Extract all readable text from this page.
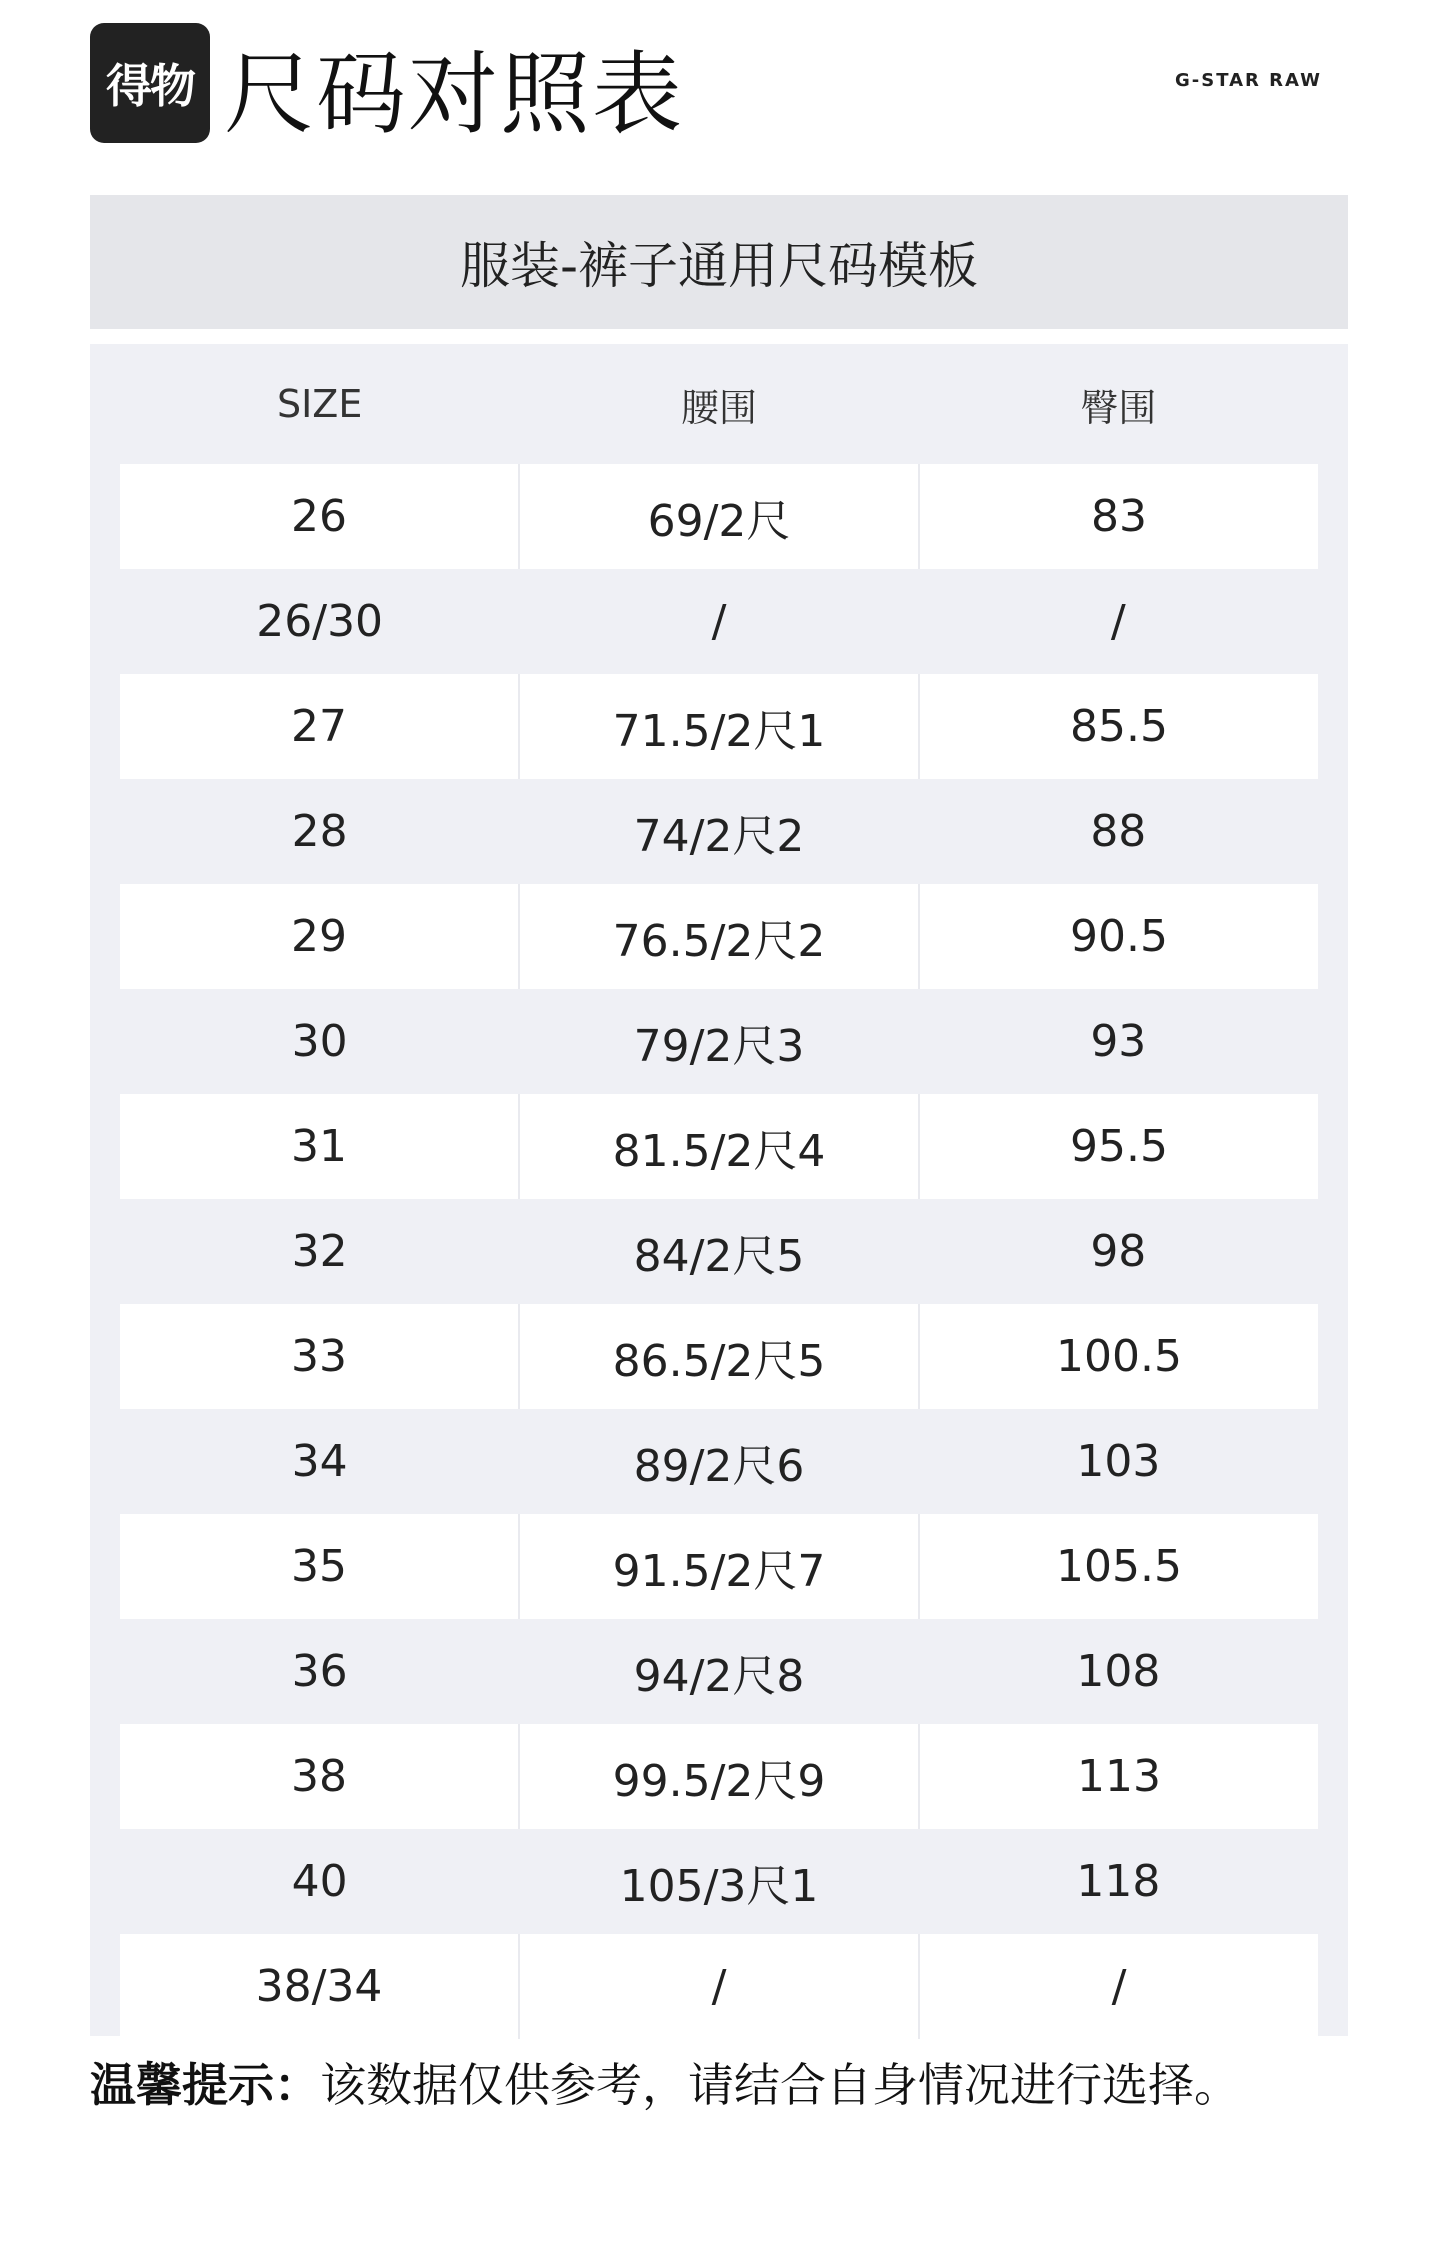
得物 尺码对照表	G-STAR RAW
服装-裤子通用尺码模板
SIZE	腰围	臀围
26	69/2尺	83
26/30	/	/
27	71.5/2尺1	85.5
28	74/2尺2	88
29	76.5/2尺2	90.5
30	79/2尺3	93
31	81.5/2尺4	95.5
32	84/2尺5	98
33	86.5/2尺5	100.5
34	89/2尺6	103
35	91.5/2尺7	105.5
36	94/2尺8	108
38	99.5/2尺9	113
40	105/3尺1	118
38/34	/	/
温馨提示：该数据仅供参考，请结合自身情况进行选择。
